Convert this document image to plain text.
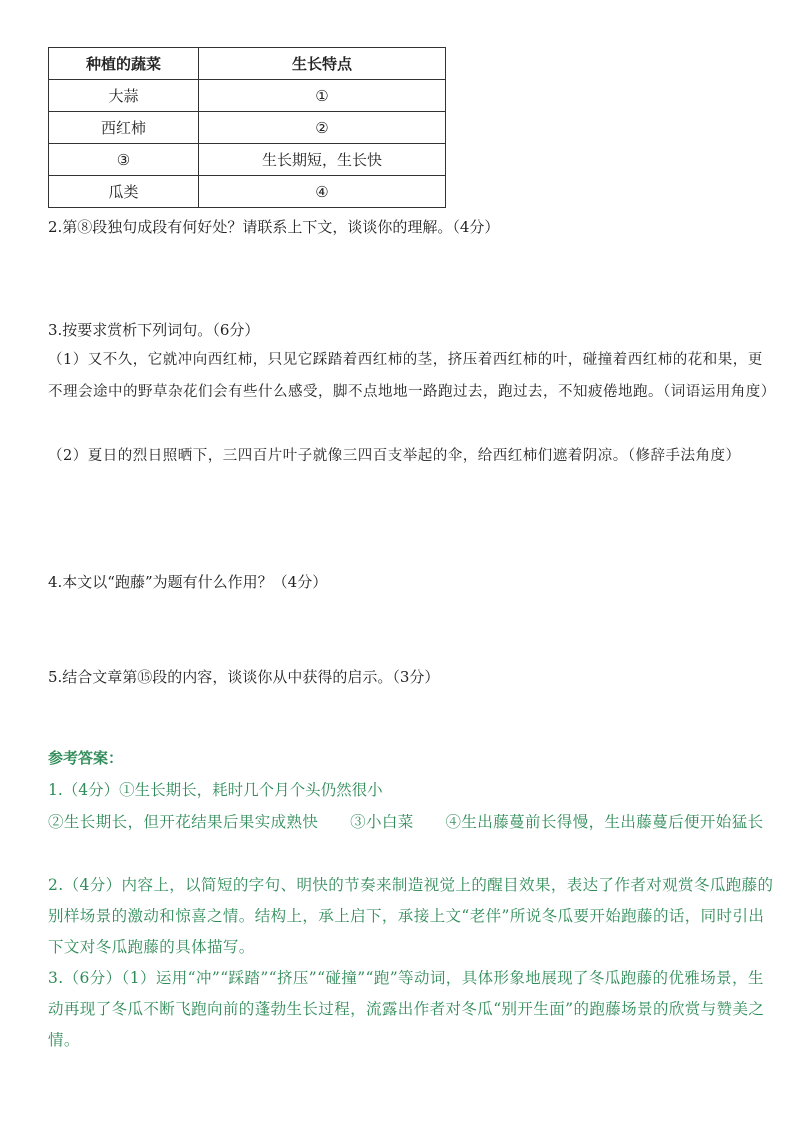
种植的蔬菜	生长特点
大蒜	①
西红柿	②
③	生长期短，生长快
瓜类	④
2.第⑧段独句成段有何好处？请联系上下文，谈谈你的理解。（4分）
3.按要求赏析下列词句。（6分）
（1）又不久，它就冲向西红柿，只见它踩踏着西红柿的茎，挤压着西红柿的叶，碰撞着西红柿的花和果，更不理会途中的野草杂花们会有些什么感受，脚不点地地一路跑过去，跑过去，不知疲倦地跑。（词语运用角度）
（2）夏日的烈日照晒下，三四百片叶子就像三四百支举起的伞，给西红柿们遮着阴凉。（修辞手法角度）
4.本文以“跑藤”为题有什么作用？（4分）
5.结合文章第⑮段的内容，谈谈你从中获得的启示。（3分）
参考答案：
1.（4分）①生长期长，耗时几个月个头仍然很小
②生长期长，但开花结果后果实成熟快　　③小白菜　　④生出藤蔓前长得慢，生出藤蔓后便开始猛长
2.（4分）内容上，以简短的字句、明快的节奏来制造视觉上的醒目效果，表达了作者对观赏冬瓜跑藤的别样场景的激动和惊喜之情。结构上，承上启下，承接上文“老伴”所说冬瓜要开始跑藤的话，同时引出下文对冬瓜跑藤的具体描写。
3.（6分）（1）运用“冲”“踩踏”“挤压”“碰撞”“跑”等动词，具体形象地展现了冬瓜跑藤的优雅场景，生动再现了冬瓜不断飞跑向前的蓬勃生长过程，流露出作者对冬瓜“别开生面”的跑藤场景的欣赏与赞美之情。
